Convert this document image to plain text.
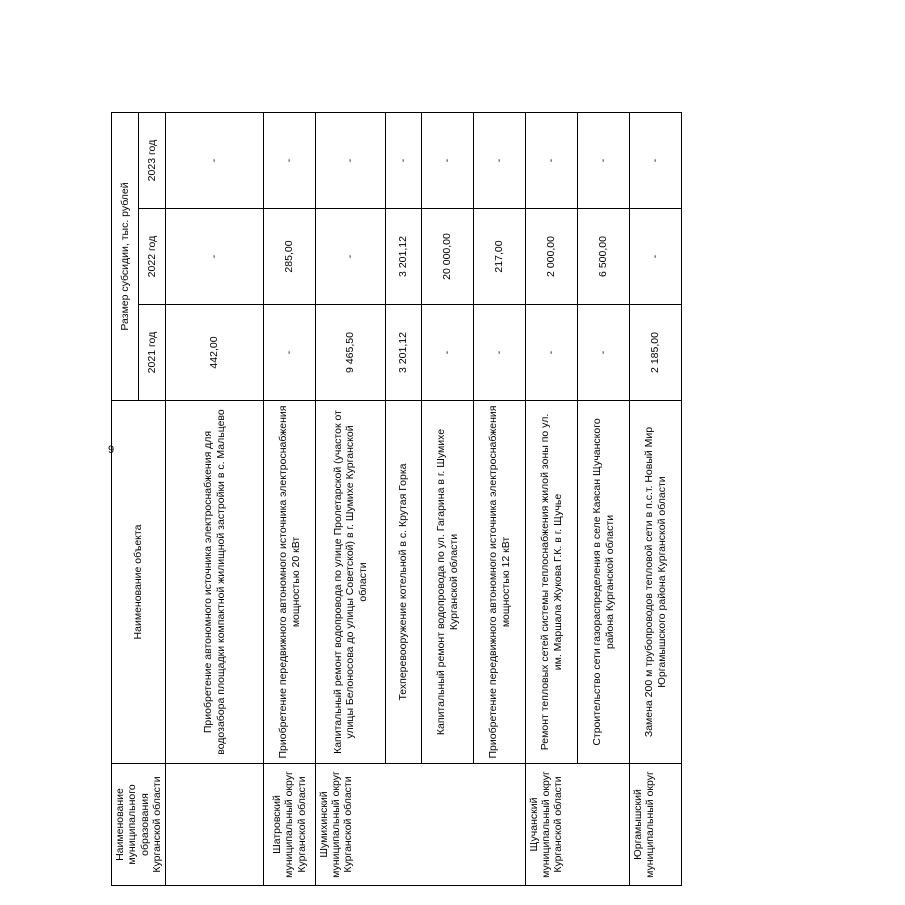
9
Наименование муниципального образования Курганской области	Наименование объекта	Размер субсидии, тыс. рублей		
		2021 год	2022 год	2023 год
	Приобретение автономного источника электроснабжения для водозабора площадки компактной жилищной застройки в с. Мальцево	442,00	-	-
Шатровский муниципальный округ Курганской области	Приобретение передвижного автономного источника электроснабжения мощностью 20 кВт	-	285,00	-
Шумихинский муниципальный округ Курганской области	Капитальный ремонт водопровода по улице Пролетарской (участок от улицы Белоносова до улицы Советской) в г. Шумихе Курганской области	9 465,50	-	-
	Техперевооружение котельной в с. Крутая Горка	3 201,12	3 201,12	-
	Капитальный ремонт водопровода по ул. Гагарина в г. Шумихе Курганской области	-	20 000,00	-
	Приобретение передвижного автономного источника электроснабжения мощностью 12 кВт	-	217,00	-
Щучанский муниципальный округ Курганской области	Ремонт тепловых сетей системы теплоснабжения жилой зоны по ул. им. Маршала Жукова Г.К. в г. Щучье	-	2 000,00	-
	Строительство сети газораспределения в селе Каясан Щучанского района Курганской области	-	6 500,00	-
Юргамышский муниципальный округ	Замена 200 м трубопроводов тепловой сети в п.с.т. Новый Мир Юргамышского района Курганской области	2 185,00	-	-
